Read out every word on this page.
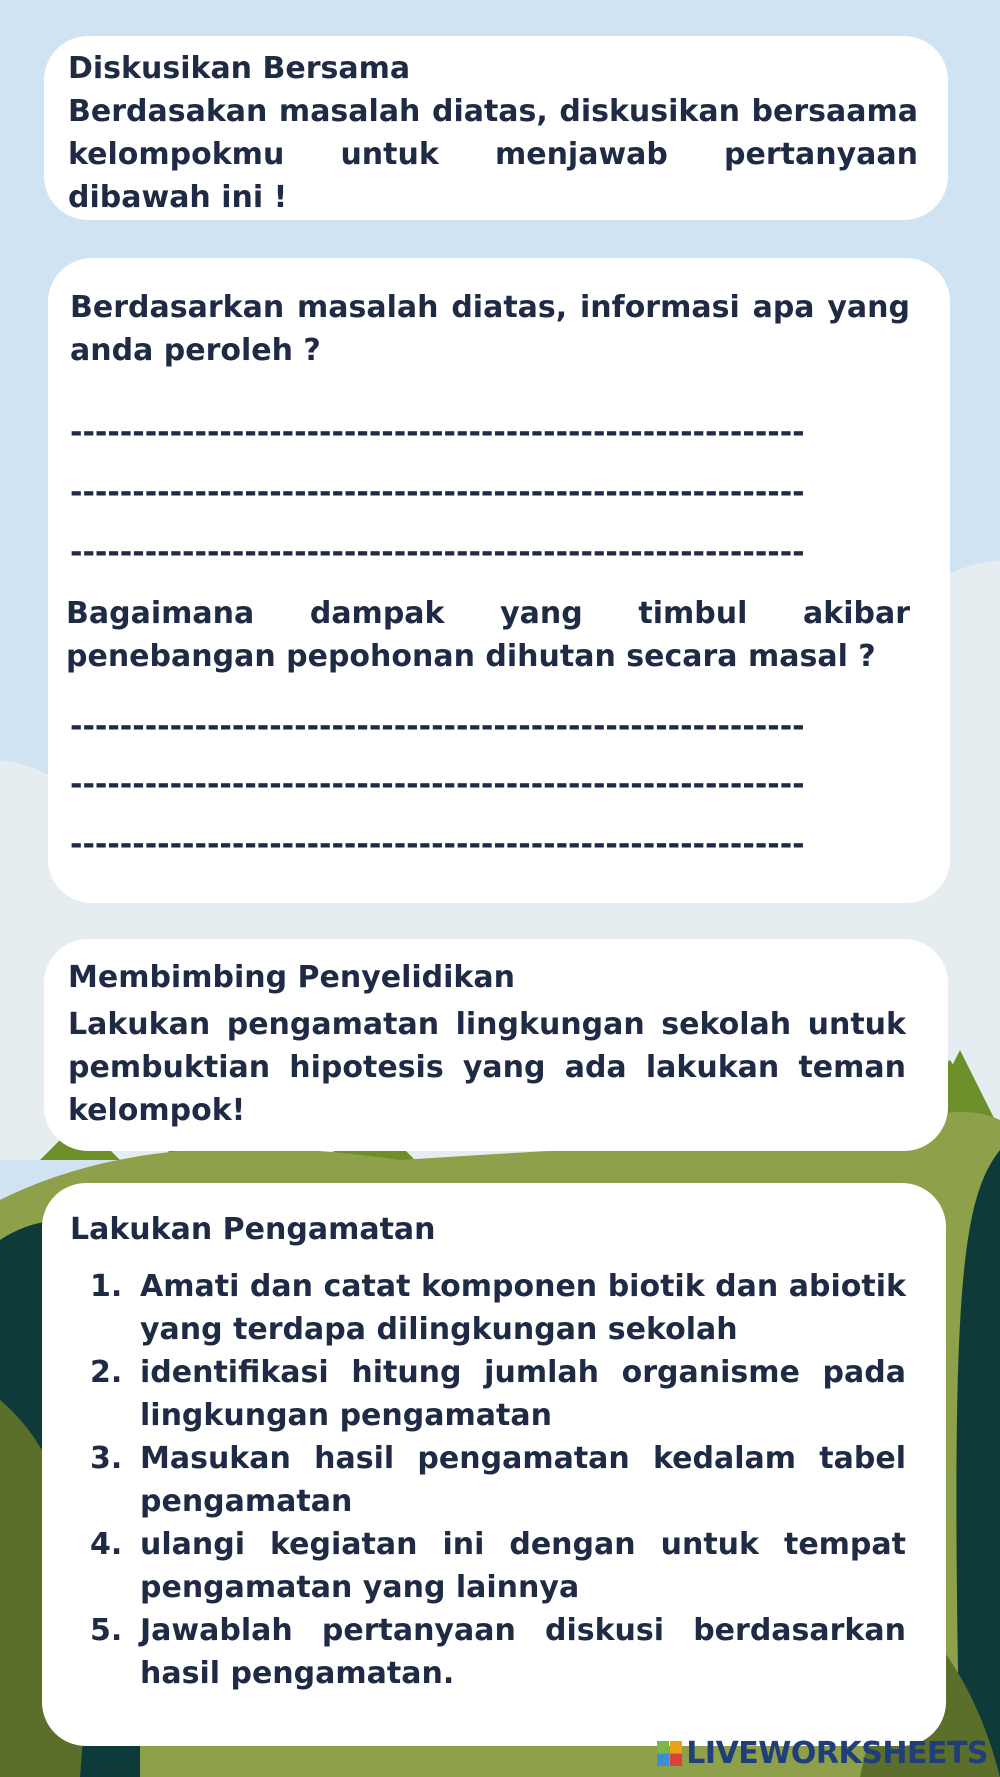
Diskusikan Bersama

Berdasakan masalah diatas, diskusikan bersaama kelompokmu untuk menjawab pertanyaan dibawah ini !

Berdasarkan masalah diatas, informasi apa yang anda peroleh ?

-----------------------------------------------------------
-----------------------------------------------------------
-----------------------------------------------------------

Bagaimana dampak yang timbul akibar penebangan pepohonan dihutan secara masal ?

-----------------------------------------------------------
-----------------------------------------------------------
-----------------------------------------------------------

Membimbing Penyelidikan

Lakukan pengamatan lingkungan sekolah untuk pembuktian hipotesis yang ada lakukan teman kelompok!

Lakukan Pengamatan

1. Amati dan catat komponen biotik dan abiotik yang terdapa dilingkungan sekolah
2. identifikasi hitung jumlah organisme pada lingkungan pengamatan
3. Masukan hasil pengamatan kedalam tabel pengamatan
4. ulangi kegiatan ini dengan untuk tempat pengamatan yang lainnya
5. Jawablah pertanyaan diskusi berdasarkan hasil pengamatan.
LIVEWORKSHEETS
